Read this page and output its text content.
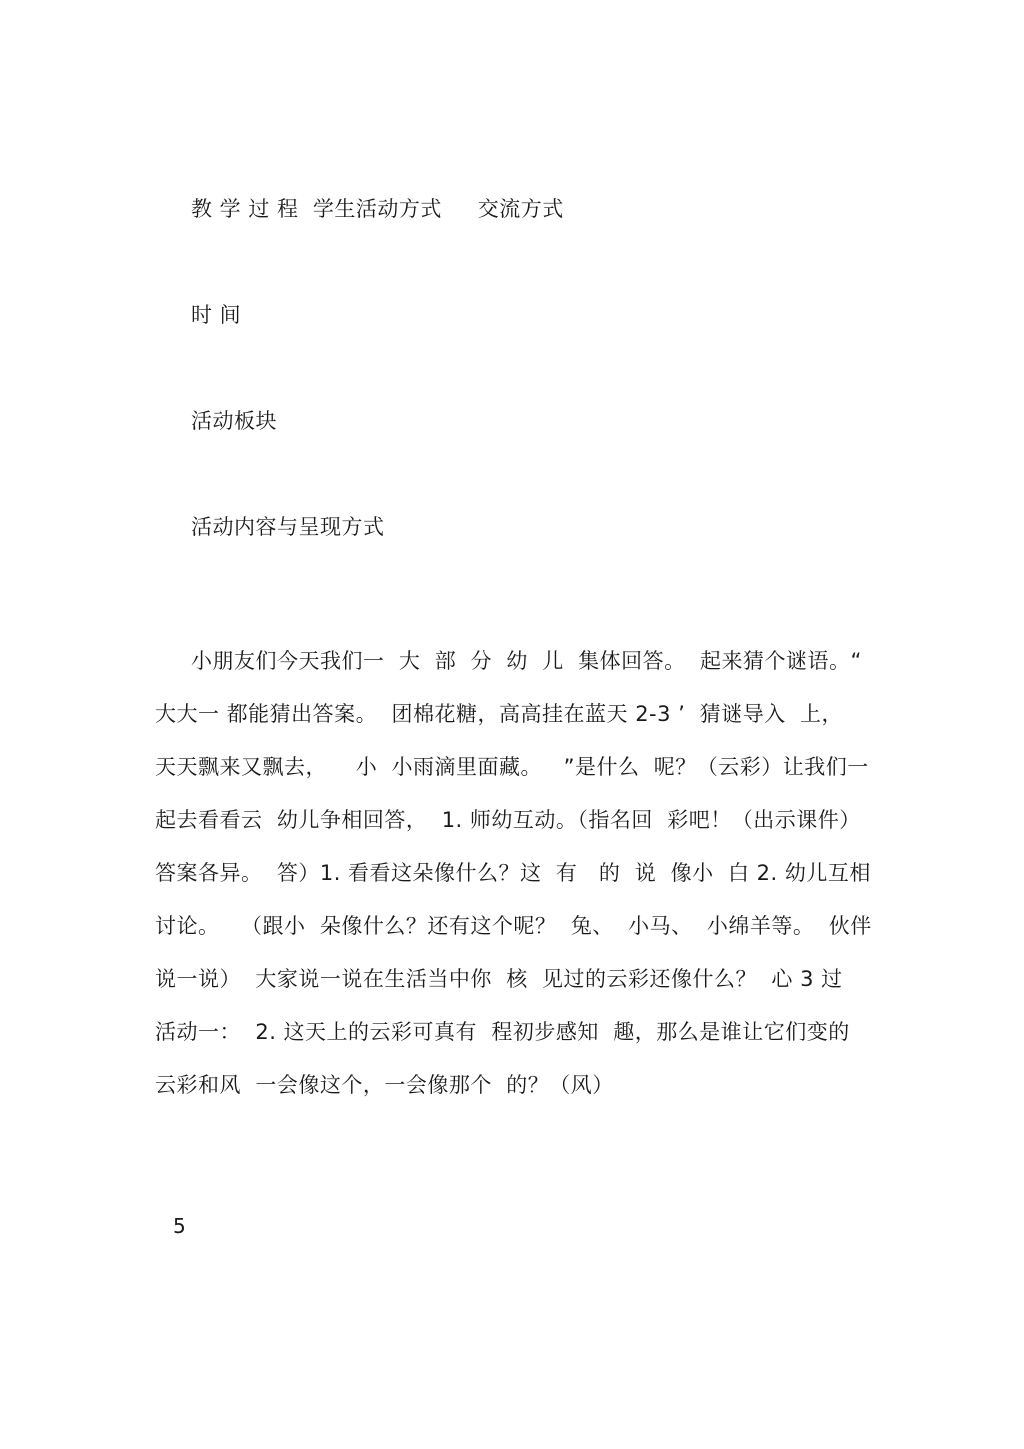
教 学 过 程  学生活动方式     交流方式
时 间
活动板块
活动内容与呈现方式
小朋友们今天我们一  大  部  分  幼  儿  集体回答。  起来猜个谜语。“
大大一 都能猜出答案。  团棉花糖，高高挂在蓝天 2-3 ’  猜谜导入  上，
天天飘来又飘去，    小  小雨滴里面藏。   ”是什么  呢？（云彩）让我们一
起去看看云  幼儿争相回答，  1. 师幼互动。（指名回  彩吧！（出示课件）
答案各异。  答）1. 看看这朵像什么？这  有   的  说  像小  白 2. 幼儿互相
讨论。   （跟小  朵像什么？还有这个呢？  兔、  小马、  小绵羊等。  伙伴
说一说）  大家说一说在生活当中你  核  见过的云彩还像什么？  心 3 过
活动一：  2. 这天上的云彩可真有  程初步感知  趣，那么是谁让它们变的
云彩和风  一会像这个，一会像那个  的？（风）
5
